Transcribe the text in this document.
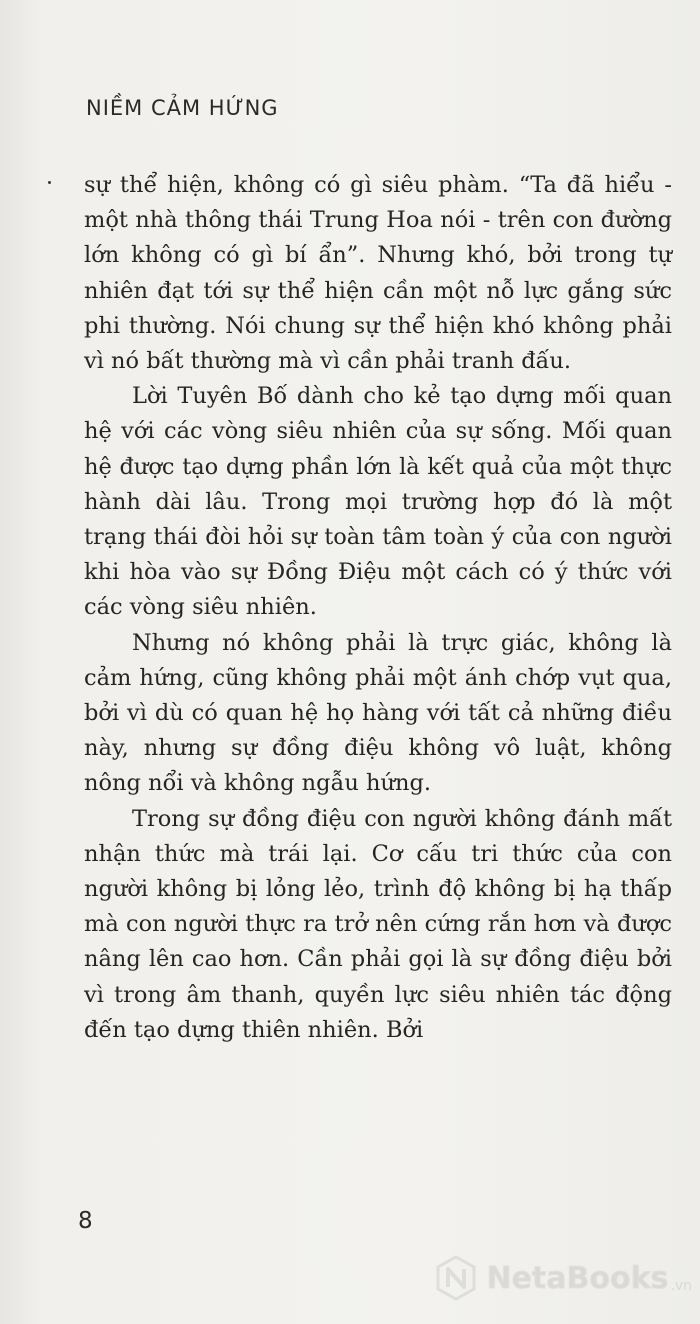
NIỀM CẢM HỨNG

sự thể hiện, không có gì siêu phàm. “Ta đã hiểu - một nhà thông thái Trung Hoa nói - trên con đường lớn không có gì bí ẩn”. Nhưng khó, bởi trong tự nhiên đạt tới sự thể hiện cần một nỗ lực gắng sức phi thường. Nói chung sự thể hiện khó không phải vì nó bất thường mà vì cần phải tranh đấu.

Lời Tuyên Bố dành cho kẻ tạo dựng mối quan hệ với các vòng siêu nhiên của sự sống. Mối quan hệ được tạo dựng phần lớn là kết quả của một thực hành dài lâu. Trong mọi trường hợp đó là một trạng thái đòi hỏi sự toàn tâm toàn ý của con người khi hòa vào sự Đồng Điệu một cách có ý thức với các vòng siêu nhiên.

Nhưng nó không phải là trực giác, không là cảm hứng, cũng không phải một ánh chớp vụt qua, bởi vì dù có quan hệ họ hàng với tất cả những điều này, nhưng sự đồng điệu không vô luật, không nông nổi và không ngẫu hứng.

Trong sự đồng điệu con người không đánh mất nhận thức mà trái lại. Cơ cấu tri thức của con người không bị lỏng lẻo, trình độ không bị hạ thấp mà con người thực ra trở nên cứng rắn hơn và được nâng lên cao hơn. Cần phải gọi là sự đồng điệu bởi vì trong âm thanh, quyền lực siêu nhiên tác động đến tạo dựng thiên nhiên. Bởi

8
NetaBooks .vn
